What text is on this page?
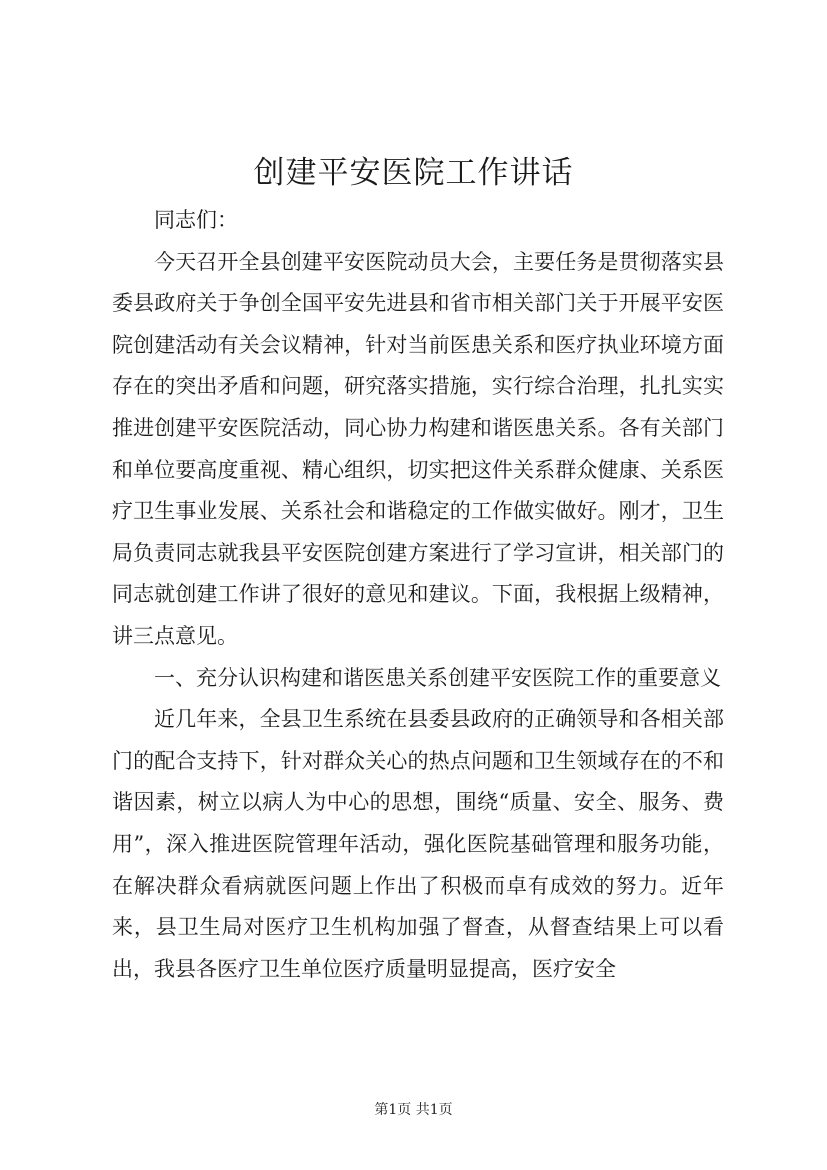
创建平安医院工作讲话

同志们：

今天召开全县创建平安医院动员大会，主要任务是贯彻落实县委县政府关于争创全国平安先进县和省市相关部门关于开展平安医院创建活动有关会议精神，针对当前医患关系和医疗执业环境方面存在的突出矛盾和问题，研究落实措施，实行综合治理，扎扎实实推进创建平安医院活动，同心协力构建和谐医患关系。各有关部门和单位要高度重视、精心组织，切实把这件关系群众健康、关系医疗卫生事业发展、关系社会和谐稳定的工作做实做好。刚才，卫生局负责同志就我县平安医院创建方案进行了学习宣讲，相关部门的同志就创建工作讲了很好的意见和建议。下面，我根据上级精神，讲三点意见。

一、充分认识构建和谐医患关系创建平安医院工作的重要意义

近几年来，全县卫生系统在县委县政府的正确领导和各相关部门的配合支持下，针对群众关心的热点问题和卫生领域存在的不和谐因素，树立以病人为中心的思想，围绕“质量、安全、服务、费用”，深入推进医院管理年活动，强化医院基础管理和服务功能，在解决群众看病就医问题上作出了积极而卓有成效的努力。近年来，县卫生局对医疗卫生机构加强了督查，从督查结果上可以看出，我县各医疗卫生单位医疗质量明显提高，医疗安全

第1页 共1页
